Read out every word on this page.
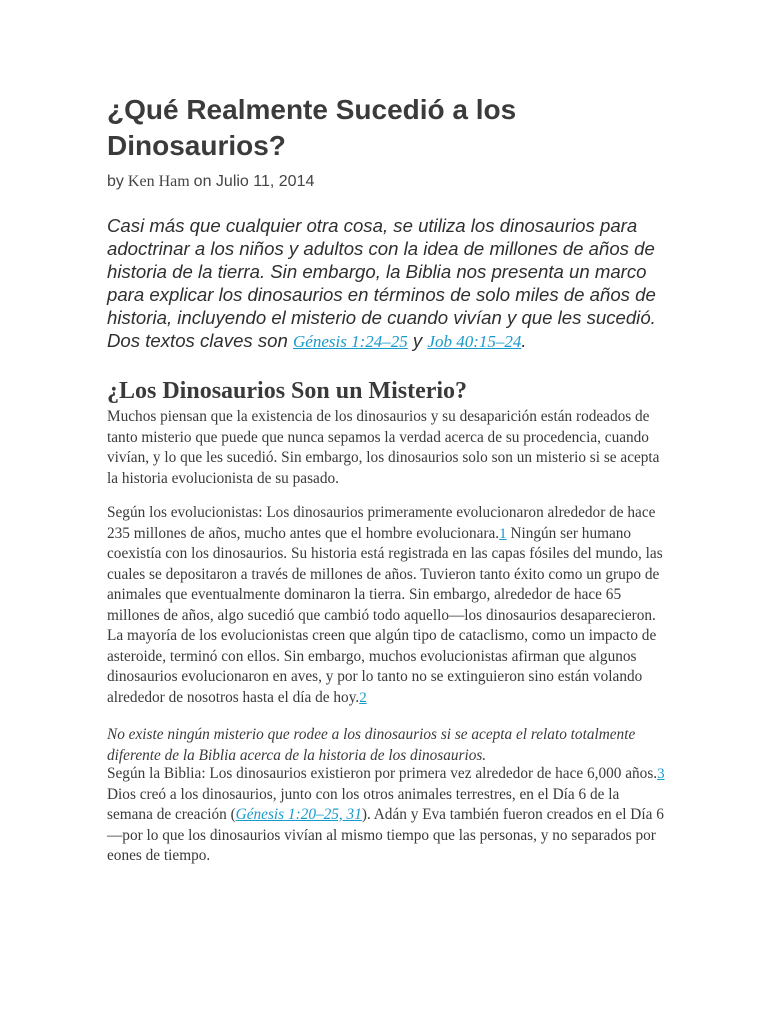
¿Qué Realmente Sucedió a los Dinosaurios?
by Ken Ham on Julio 11, 2014

Casi más que cualquier otra cosa, se utiliza los dinosaurios para adoctrinar a los niños y adultos con la idea de millones de años de historia de la tierra. Sin embargo, la Biblia nos presenta un marco para explicar los dinosaurios en términos de solo miles de años de historia, incluyendo el misterio de cuando vivían y que les sucedió. Dos textos claves son Génesis 1:24–25 y Job 40:15–24.

¿Los Dinosaurios Son un Misterio?

Muchos piensan que la existencia de los dinosaurios y su desaparición están rodeados de tanto misterio que puede que nunca sepamos la verdad acerca de su procedencia, cuando vivían, y lo que les sucedió. Sin embargo, los dinosaurios solo son un misterio si se acepta la historia evolucionista de su pasado.

Según los evolucionistas: Los dinosaurios primeramente evolucionaron alrededor de hace 235 millones de años, mucho antes que el hombre evolucionara.1 Ningún ser humano coexistía con los dinosaurios. Su historia está registrada en las capas fósiles del mundo, las cuales se depositaron a través de millones de años. Tuvieron tanto éxito como un grupo de animales que eventualmente dominaron la tierra. Sin embargo, alrededor de hace 65 millones de años, algo sucedió que cambió todo aquello—los dinosaurios desaparecieron. La mayoría de los evolucionistas creen que algún tipo de cataclismo, como un impacto de asteroide, terminó con ellos. Sin embargo, muchos evolucionistas afirman que algunos dinosaurios evolucionaron en aves, y por lo tanto no se extinguieron sino están volando alrededor de nosotros hasta el día de hoy.2

No existe ningún misterio que rodee a los dinosaurios si se acepta el relato totalmente diferente de la Biblia acerca de la historia de los dinosaurios.

Según la Biblia: Los dinosaurios existieron por primera vez alrededor de hace 6,000 años.3 Dios creó a los dinosaurios, junto con los otros animales terrestres, en el Día 6 de la semana de creación (Génesis 1:20–25, 31). Adán y Eva también fueron creados en el Día 6—por lo que los dinosaurios vivían al mismo tiempo que las personas, y no separados por eones de tiempo.
